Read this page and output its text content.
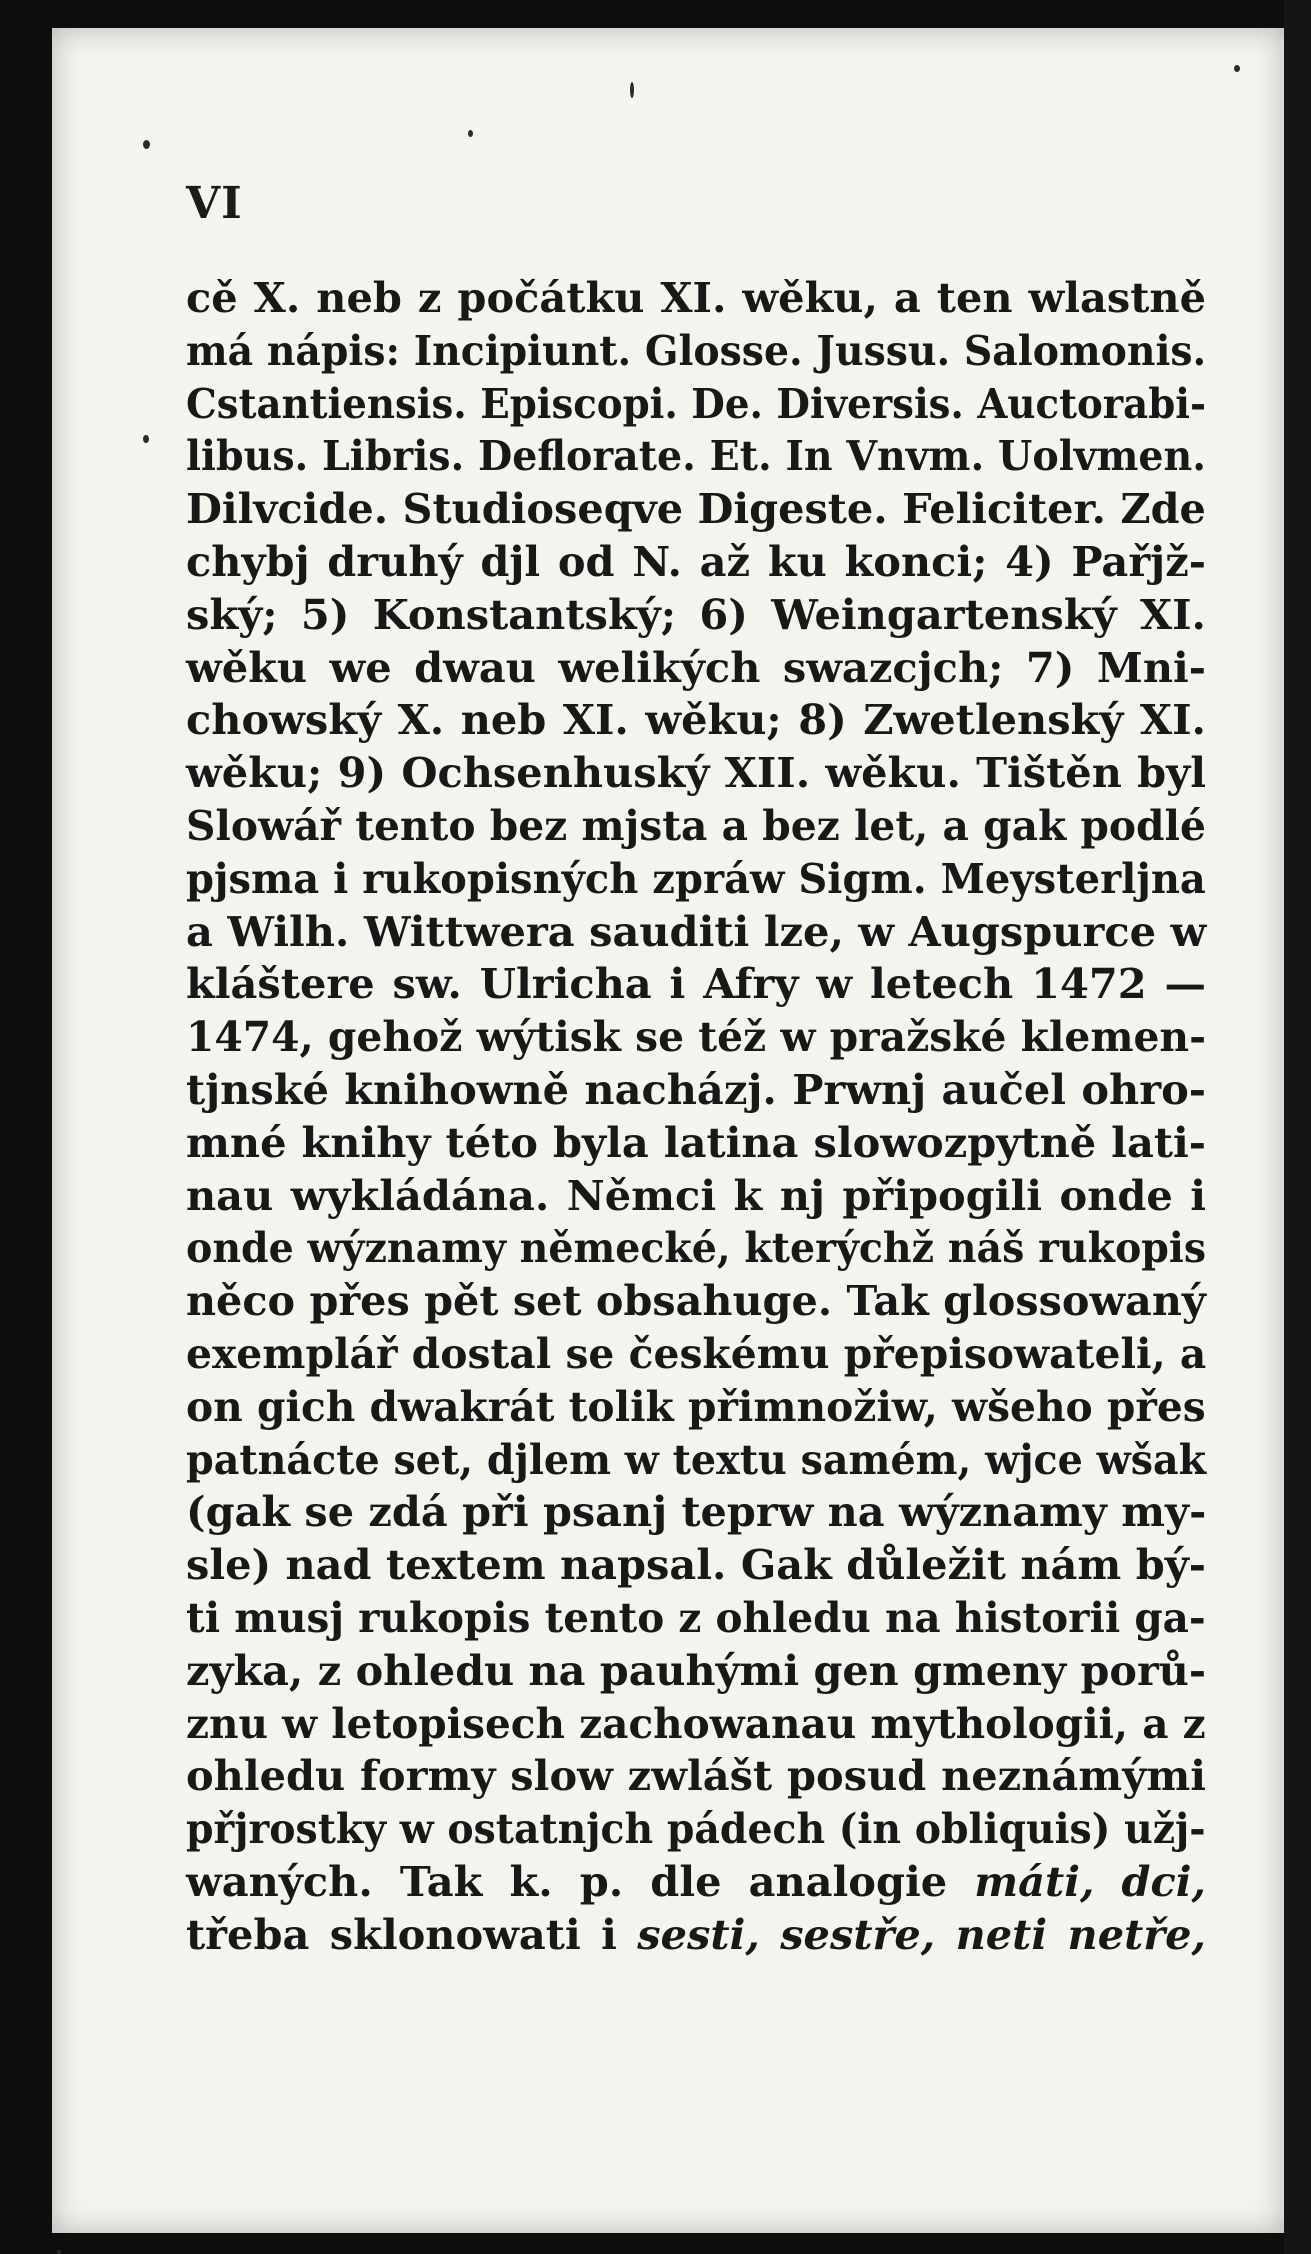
VI
cě X. neb z počátku XI. wěku, a ten wlastně
má nápis: Incipiunt. Glosse. Jussu. Salomonis.
Cstantiensis. Episcopi. De. Diversis. Auctorabi-
libus. Libris. Deflorate. Et. In Vnvm. Uolvmen.
Dilvcide. Studioseqve Digeste. Feliciter. Zde
chybj druhý djl od N. až ku konci; 4) Pařjž-
ský; 5) Konstantský; 6) Weingartenský XI.
wěku we dwau welikých swazcjch; 7) Mni-
chowský X. neb XI. wěku; 8) Zwetlenský XI.
wěku; 9) Ochsenhuský XII. wěku. Tištěn byl
Slowář tento bez mjsta a bez let, a gak podlé
pjsma i rukopisných zpráw Sigm. Meysterljna
a Wilh. Wittwera sauditi lze, w Augspurce w
kláštere sw. Ulricha i Afry w letech 1472 —
1474, gehož wýtisk se též w pražské klemen-
tjnské knihowně nacházj. Prwnj aučel ohro-
mné knihy této byla latina slowozpytně lati-
nau wykládána. Němci k nj připogili onde i
onde wýznamy německé, kterýchž náš rukopis
něco přes pět set obsahuge. Tak glossowaný
exemplář dostal se českému přepisowateli, a
on gich dwakrát tolik přimnožiw, wšeho přes
patnácte set, djlem w textu samém, wjce wšak
(gak se zdá při psanj teprw na wýznamy my-
sle) nad textem napsal. Gak důležit nám bý-
ti musj rukopis tento z ohledu na historii ga-
zyka, z ohledu na pauhými gen gmeny porů-
znu w letopisech zachowanau mythologii, a z
ohledu formy slow zwlášt posud neznámými
přjrostky w ostatnjch pádech (in obliquis) užj-
waných. Tak k. p. dle analogie máti, dci,
třeba sklonowati i sesti, sestře, neti netře,
